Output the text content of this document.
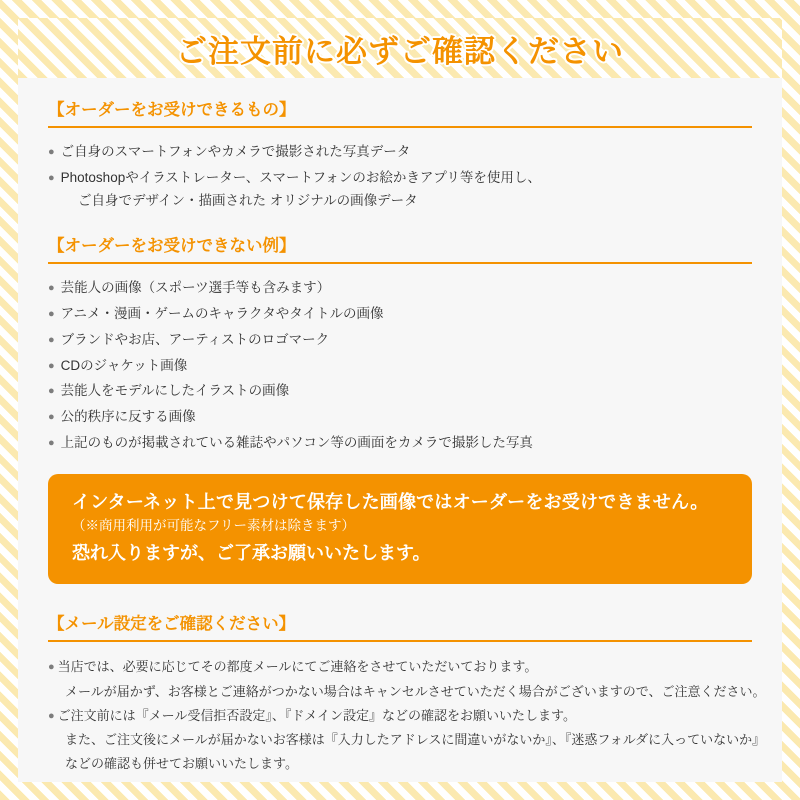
ご注文前に必ずご確認ください
【オーダーをお受けできるもの】
● ご自身のスマートフォンやカメラで撮影された写真データ
● Photoshopやイラストレーター、スマートフォンのお絵かきアプリ等を使用し、
ご自身でデザイン・描画された オリジナルの画像データ
【オーダーをお受けできない例】
● 芸能人の画像（スポーツ選手等も含みます）
● アニメ・漫画・ゲームのキャラクタやタイトルの画像
● ブランドやお店、アーティストのロゴマーク
● CDのジャケット画像
● 芸能人をモデルにしたイラストの画像
● 公的秩序に反する画像
● 上記のものが掲載されている雑誌やパソコン等の画面をカメラで撮影した写真
インターネット上で見つけて保存した画像ではオーダーをお受けできません。
（※商用利用が可能なフリー素材は除きます）
恐れ入りますが、ご了承お願いいたします。
【メール設定をご確認ください】
● 当店では、必要に応じてその都度メールにてご連絡をさせていただいております。
メールが届かず、お客様とご連絡がつかない場合はキャンセルさせていただく場合がございますので、ご注意ください。
● ご注文前には『メール受信拒否設定』、『ドメイン設定』などの確認をお願いいたします。
また、ご注文後にメールが届かないお客様は『入力したアドレスに間違いがないか』、『迷惑フォルダに入っていないか』
などの確認も併せてお願いいたします。
